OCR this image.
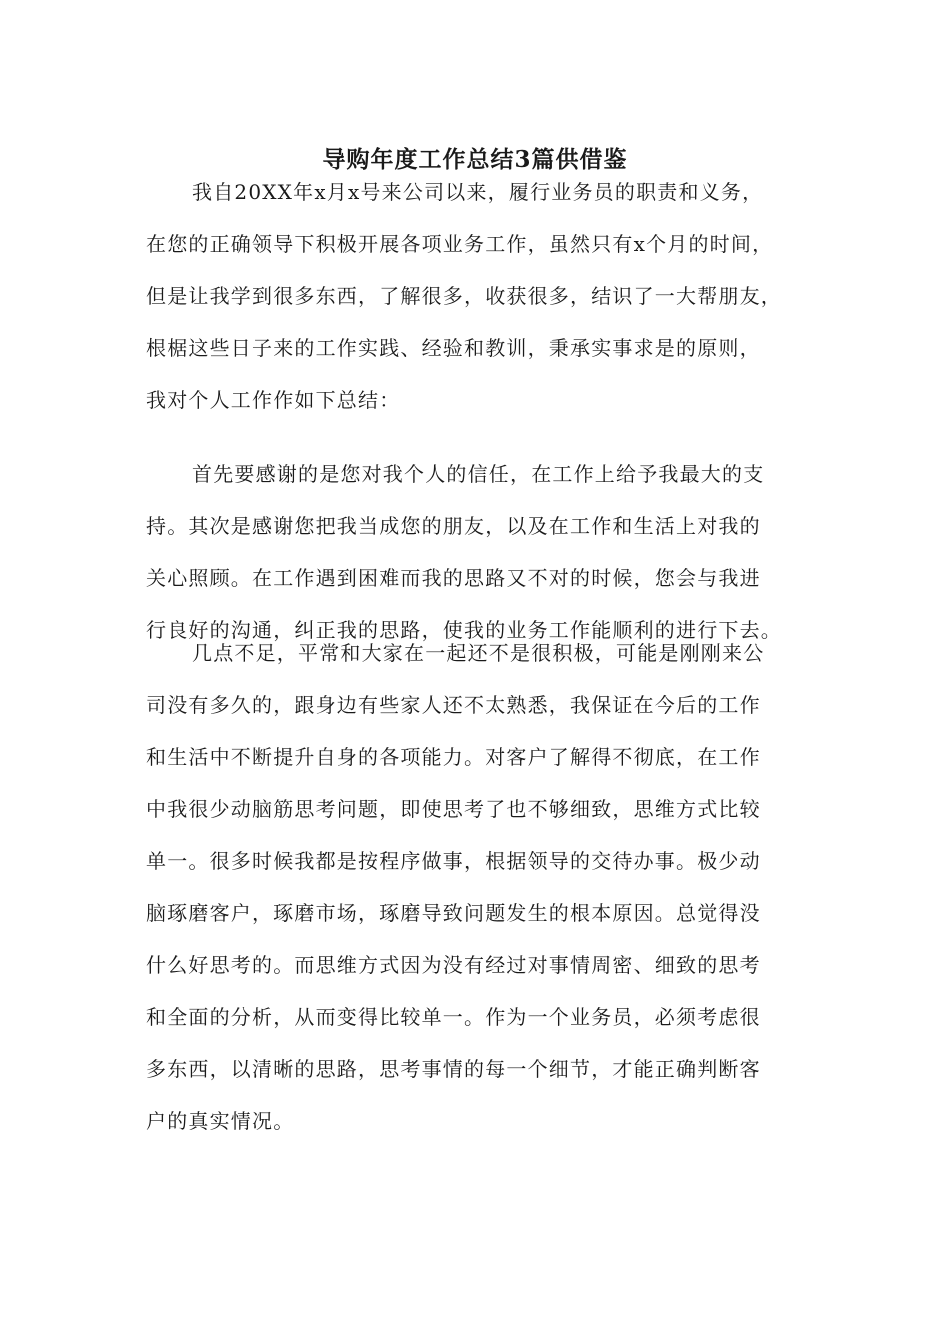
导购年度工作总结3篇供借鉴
我自20XX年x月x号来公司以来，履行业务员的职责和义务，
在您的正确领导下积极开展各项业务工作，虽然只有x个月的时间，
但是让我学到很多东西，了解很多，收获很多，结识了一大帮朋友，
根椐这些日子来的工作实践、经验和教训，秉承实事求是的原则，
我对个人工作作如下总结：
首先要感谢的是您对我个人的信任，在工作上给予我最大的支
持。其次是感谢您把我当成您的朋友，以及在工作和生活上对我的
关心照顾。在工作遇到困难而我的思路又不对的时候，您会与我进
行良好的沟通，纠正我的思路，使我的业务工作能顺利的进行下去。
几点不足，平常和大家在一起还不是很积极，可能是刚刚来公
司没有多久的，跟身边有些家人还不太熟悉，我保证在今后的工作
和生活中不断提升自身的各项能力。对客户了解得不彻底，在工作
中我很少动脑筋思考问题，即使思考了也不够细致，思维方式比较
单一。很多时候我都是按程序做事，根据领导的交待办事。极少动
脑琢磨客户，琢磨市场，琢磨导致问题发生的根本原因。总觉得没
什么好思考的。而思维方式因为没有经过对事情周密、细致的思考
和全面的分析，从而变得比较单一。作为一个业务员，必须考虑很
多东西，以清晰的思路，思考事情的每一个细节，才能正确判断客
户的真实情况。
